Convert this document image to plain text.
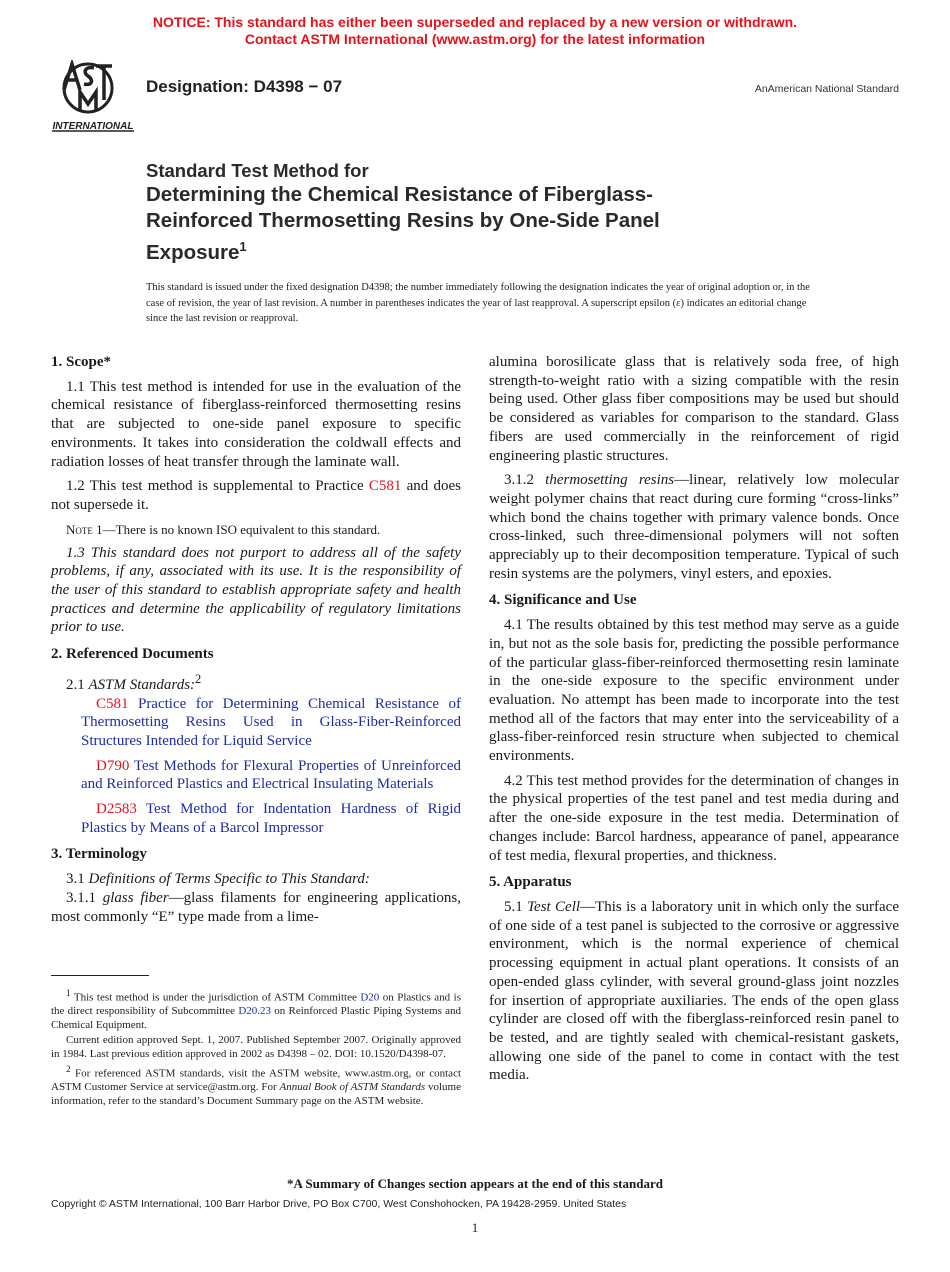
NOTICE: This standard has either been superseded and replaced by a new version or withdrawn.
Contact ASTM International (www.astm.org) for the latest information
INTERNATIONAL
Designation: D4398 − 07	AnAmerican National Standard
Standard Test Method for
Determining the Chemical Resistance of Fiberglass-
Reinforced Thermosetting Resins by One-Side Panel
Exposure$^1$
This standard is issued under the fixed designation D4398; the number immediately following the designation indicates the year of original adoption or, in the case of revision, the year of last revision. A number in parentheses indicates the year of last reapproval. A superscript epsilon (ε) indicates an editorial change since the last revision or reapproval.
1. Scope*

1.1 This test method is intended for use in the evaluation of the chemical resistance of fiberglass-reinforced thermosetting resins that are subjected to one-side panel exposure to specific environments. It takes into consideration the coldwall effects and radiation losses of heat transfer through the laminate wall.

1.2 This test method is supplemental to Practice C581 and does not supersede it.

Note 1—There is no known ISO equivalent to this standard.

1.3 This standard does not purport to address all of the safety problems, if any, associated with its use. It is the responsibility of the user of this standard to establish appropriate safety and health practices and determine the applicability of regulatory limitations prior to use.

2. Referenced Documents

2.1 ASTM Standards:$^2$

C581 Practice for Determining Chemical Resistance of Thermosetting Resins Used in Glass-Fiber-Reinforced Structures Intended for Liquid Service

D790 Test Methods for Flexural Properties of Unreinforced and Reinforced Plastics and Electrical Insulating Materials

D2583 Test Method for Indentation Hardness of Rigid Plastics by Means of a Barcol Impressor

3. Terminology

3.1 Definitions of Terms Specific to This Standard:

3.1.1 glass fiber—glass filaments for engineering applications, most commonly “E” type made from a lime-

alumina borosilicate glass that is relatively soda free, of high strength-to-weight ratio with a sizing compatible with the resin being used. Other glass fiber compositions may be used but should be considered as variables for comparison to the standard. Glass fibers are used commercially in the reinforcement of rigid engineering plastic structures.

3.1.2 thermosetting resins—linear, relatively low molecular weight polymer chains that react during cure forming “cross-links” which bond the chains together with primary valence bonds. Once cross-linked, such three-dimensional polymers will not soften appreciably up to their decomposition temperature. Typical of such resin systems are the polymers, vinyl esters, and epoxies.

4. Significance and Use

4.1 The results obtained by this test method may serve as a guide in, but not as the sole basis for, predicting the possible performance of the particular glass-fiber-reinforced thermosetting resin laminate in the one-side exposure to the specific environment under evaluation. No attempt has been made to incorporate into the test method all of the factors that may enter into the serviceability of a glass-fiber-reinforced resin structure when subjected to chemical environments.

4.2 This test method provides for the determination of changes in the physical properties of the test panel and test media during and after the one-side exposure in the test media. Determination of changes include: Barcol hardness, appearance of panel, appearance of test media, flexural properties, and thickness.

5. Apparatus

5.1 Test Cell—This is a laboratory unit in which only the surface of one side of a test panel is subjected to the corrosive or aggressive environment, which is the normal experience of chemical processing equipment in actual plant operations. It consists of an open-ended glass cylinder, with several ground-glass joint nozzles for insertion of appropriate auxiliaries. The ends of the open glass cylinder are closed off with the fiberglass-reinforced resin panel to be tested, and are tightly sealed with chemical-resistant gaskets, allowing one side of the panel to come in contact with the test media.

$^1$ This test method is under the jurisdiction of ASTM Committee D20 on Plastics and is the direct responsibility of Subcommittee D20.23 on Reinforced Plastic Piping Systems and Chemical Equipment.

Current edition approved Sept. 1, 2007. Published September 2007. Originally approved in 1984. Last previous edition approved in 2002 as D4398 – 02. DOI: 10.1520/D4398-07.

$^2$ For referenced ASTM standards, visit the ASTM website, www.astm.org, or contact ASTM Customer Service at service@astm.org. For Annual Book of ASTM Standards volume information, refer to the standard’s Document Summary page on the ASTM website.

*A Summary of Changes section appears at the end of this standard
Copyright © ASTM International, 100 Barr Harbor Drive, PO Box C700, West Conshohocken, PA 19428-2959. United States
1
